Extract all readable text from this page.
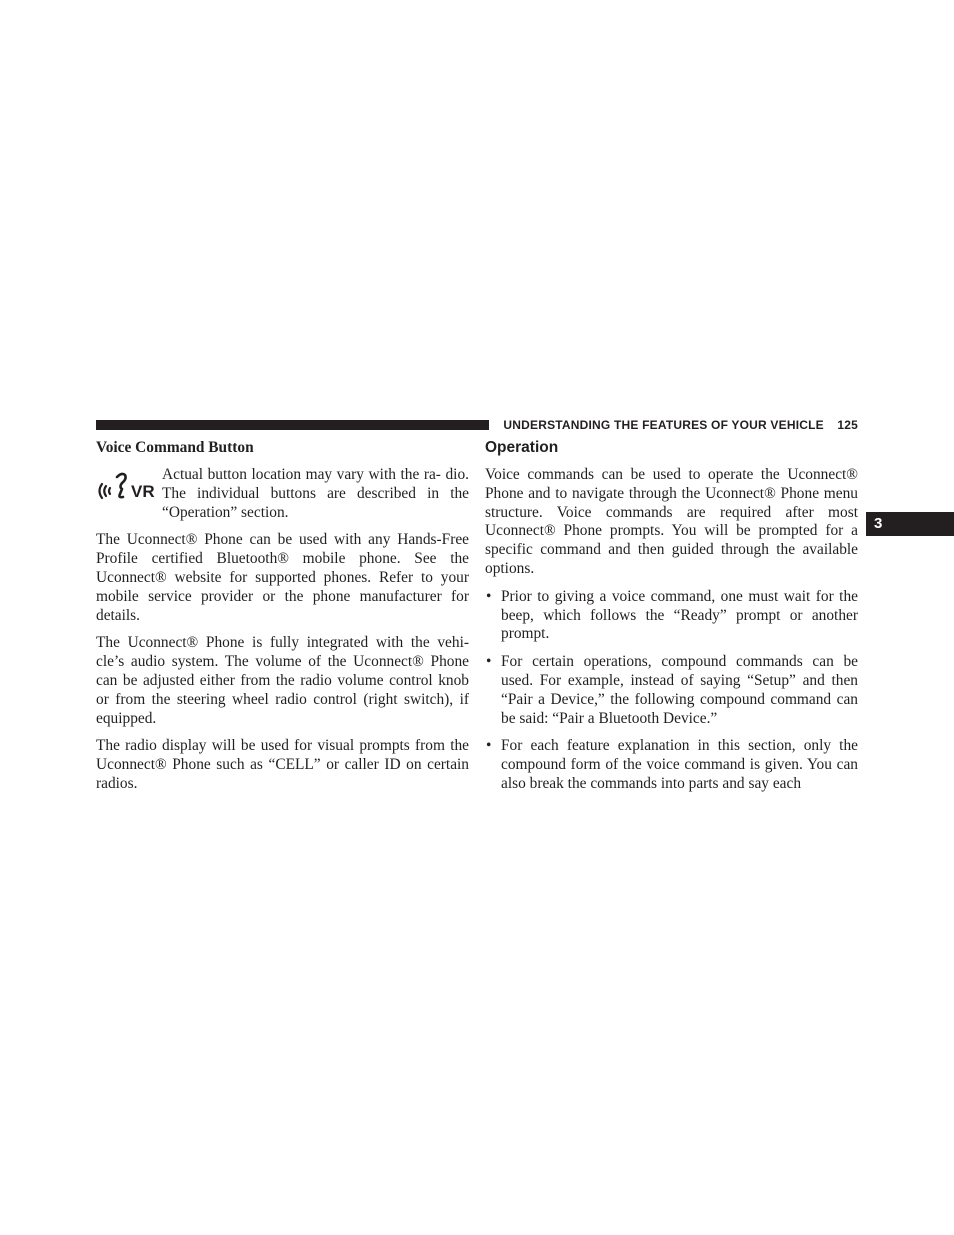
UNDERSTANDING THE FEATURES OF YOUR VEHICLE 125
3
Voice Command Button
VR

Actual button location may vary with the ra- dio. The individual buttons are described in the “Operation” section.

The Uconnect® Phone can be used with any Hands-Free Profile certified Bluetooth® mobile phone. See the Uconnect® website for supported phones. Refer to your mobile service provider or the phone manufacturer for details.

The Uconnect® Phone is fully integrated with the vehi- cle’s audio system. The volume of the Uconnect® Phone can be adjusted either from the radio volume control knob or from the steering wheel radio control (right switch), if equipped.

The radio display will be used for visual prompts from the Uconnect® Phone such as “CELL” or caller ID on certain radios.

Operation

Voice commands can be used to operate the Uconnect® Phone and to navigate through the Uconnect® Phone menu structure. Voice commands are required after most Uconnect® Phone prompts. You will be prompted for a specific command and then guided through the available options.

• Prior to giving a voice command, one must wait for the beep, which follows the “Ready” prompt or another prompt.
• For certain operations, compound commands can be used. For example, instead of saying “Setup” and then “Pair a Device,” the following compound command can be said: “Pair a Bluetooth Device.”
• For each feature explanation in this section, only the compound form of the voice command is given. You can also break the commands into parts and say each
